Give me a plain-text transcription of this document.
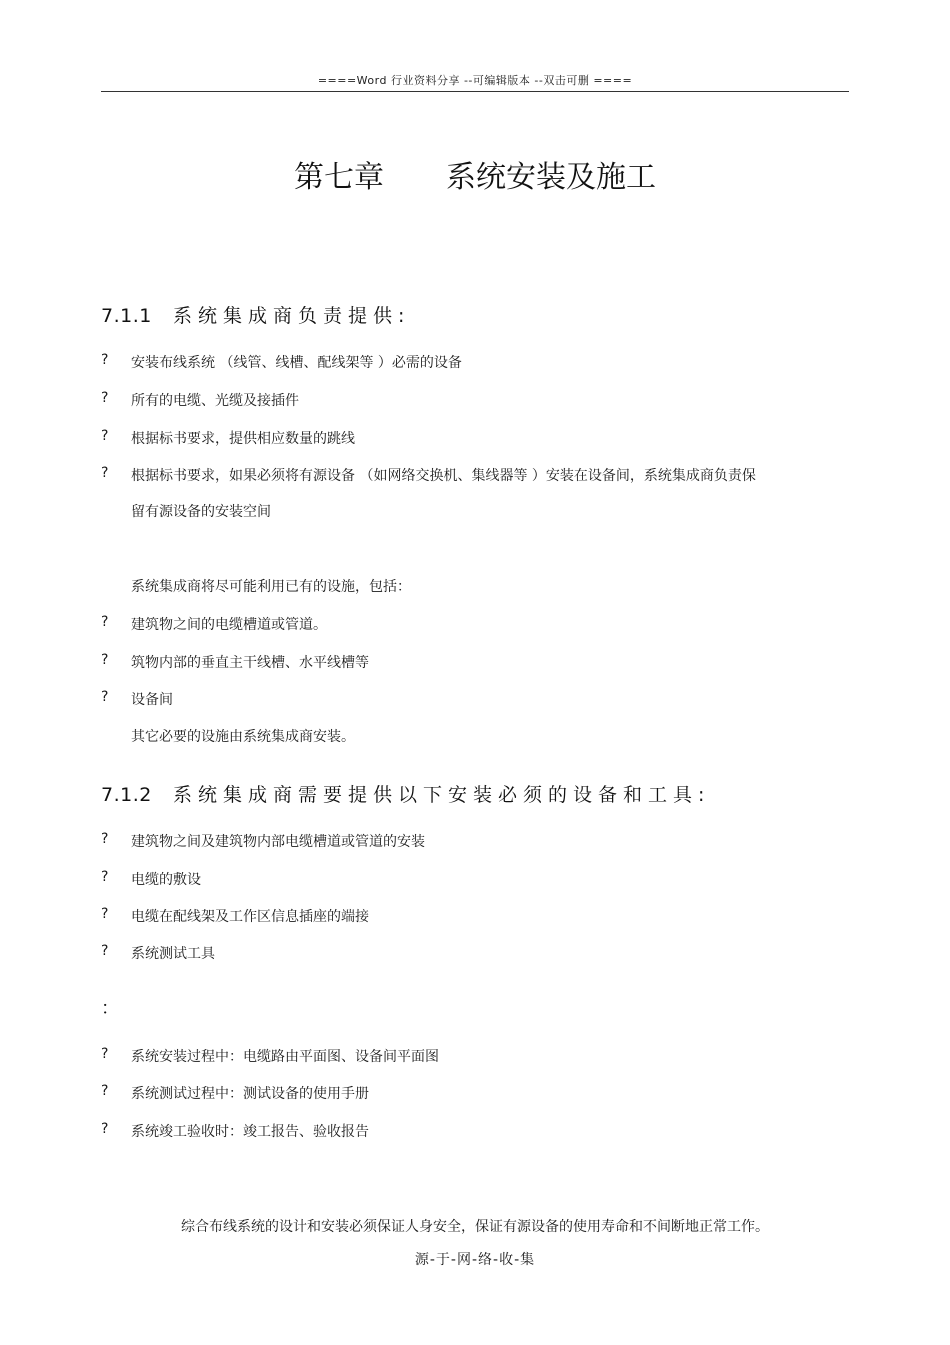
====Word 行业资料分享 --可编辑版本 --双击可删 ====
第七章 系统安装及施工
7.1.1 系统集成商负责提供:
? 安装布线系统 （线管、线槽、配线架等 ）必需的设备
? 所有的电缆、光缆及接插件
? 根据标书要求，提供相应数量的跳线
? 根据标书要求，如果必须将有源设备 （如网络交换机、集线器等 ）安装在设备间，系统集成商负责保
留有源设备的安装空间
系统集成商将尽可能利用已有的设施，包括：
? 建筑物之间的电缆槽道或管道。
? 筑物内部的垂直主干线槽、水平线槽等
? 设备间
其它必要的设施由系统集成商安装。
7.1.2 系统集成商需要提供以下安装必须的设备和工具:
? 建筑物之间及建筑物内部电缆槽道或管道的安装
? 电缆的敷设
? 电缆在配线架及工作区信息插座的端接
? 系统测试工具
：
? 系统安装过程中：电缆路由平面图、设备间平面图
? 系统测试过程中：测试设备的使用手册
? 系统竣工验收时：竣工报告、验收报告
综合布线系统的设计和安装必须保证人身安全，保证有源设备的使用寿命和不间断地正常工作。
源-于-网-络-收-集
